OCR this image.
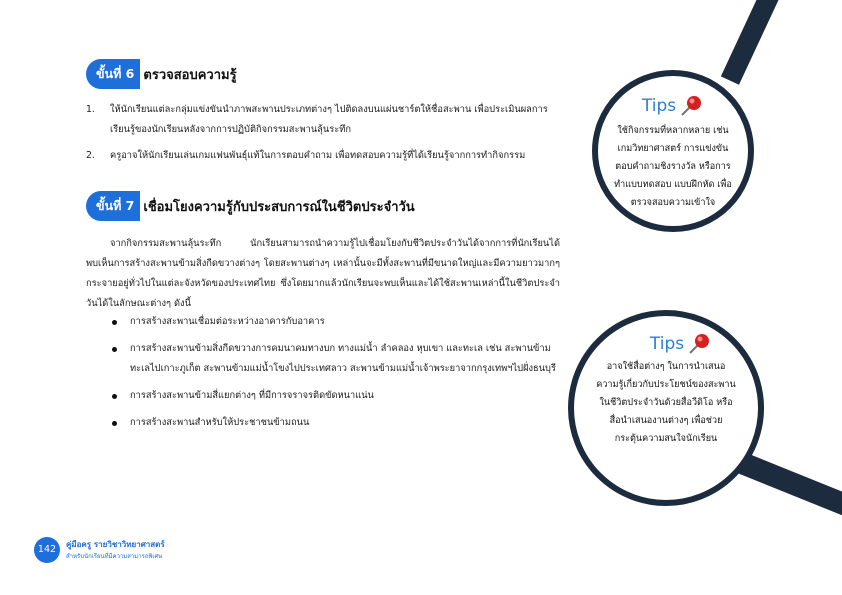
ขั้นที่ 6 ตรวจสอบความรู้
1. ให้นักเรียนแต่ละกลุ่มแข่งขันนำภาพสะพานประเภทต่างๆ ไปติดลงบนแผ่นชาร์ตให้ชื่อสะพาน เพื่อประเมินผลการเรียนรู้ของนักเรียนหลังจากการปฏิบัติกิจกรรมสะพานลุ้นระทึก
2. ครูอาจให้นักเรียนเล่นเกมแฟนพันธุ์แท้ในการตอบคำถาม เพื่อทดสอบความรู้ที่ได้เรียนรู้จากการทำกิจกรรม
ขั้นที่ 7 เชื่อมโยงความรู้กับประสบการณ์ในชีวิตประจำวัน

จากกิจกรรมสะพานลุ้นระทึก นักเรียนสามารถนำความรู้ไปเชื่อมโยงกับชีวิตประจำวันได้จากการที่นักเรียนได้พบเห็นการสร้างสะพานข้ามสิ่งกีดขวางต่างๆ โดยสะพานต่างๆ เหล่านั้นจะมีทั้งสะพานที่มีขนาดใหญ่และมีความยาวมากๆ กระจายอยู่ทั่วไปในแต่ละจังหวัดของประเทศไทย ซึ่งโดยมากแล้วนักเรียนจะพบเห็นและได้ใช้สะพานเหล่านี้ในชีวิตประจำวันได้ในลักษณะต่างๆ ดังนี้

การสร้างสะพานเชื่อมต่อระหว่างอาคารกับอาคาร
การสร้างสะพานข้ามสิ่งกีดขวางการคมนาคมทางบก ทางแม่น้ำ ลำคลอง หุบเขา และทะเล เช่น สะพานข้ามทะเลไปเกาะภูเก็ต สะพานข้ามแม่น้ำโขงไปประเทศลาว สะพานข้ามแม่น้ำเจ้าพระยาจากกรุงเทพฯไปฝั่งธนบุรี
การสร้างสะพานข้ามสี่แยกต่างๆ ที่มีการจราจรติดขัดหนาแน่น
การสร้างสะพานสำหรับให้ประชาชนข้ามถนน
Tips

ใช้กิจกรรมที่หลากหลาย เช่น เกมวิทยาศาสตร์ การแข่งขันตอบคำถามชิงรางวัล หรือการทำแบบทดสอบ แบบฝึกหัด เพื่อตรวจสอบความเข้าใจ

Tips

อาจใช้สื่อต่างๆ ในการนำเสนอความรู้เกี่ยวกับประโยชน์ของสะพานในชีวิตประจำวันด้วยสื่อวีดิโอ หรือสื่อนำเสนองานต่างๆ เพื่อช่วยกระตุ้นความสนใจนักเรียน

142	คู่มือครู รายวิชาวิทยาศาสตร์
สำหรับนักเรียนที่มีความสามารถพิเศษ
